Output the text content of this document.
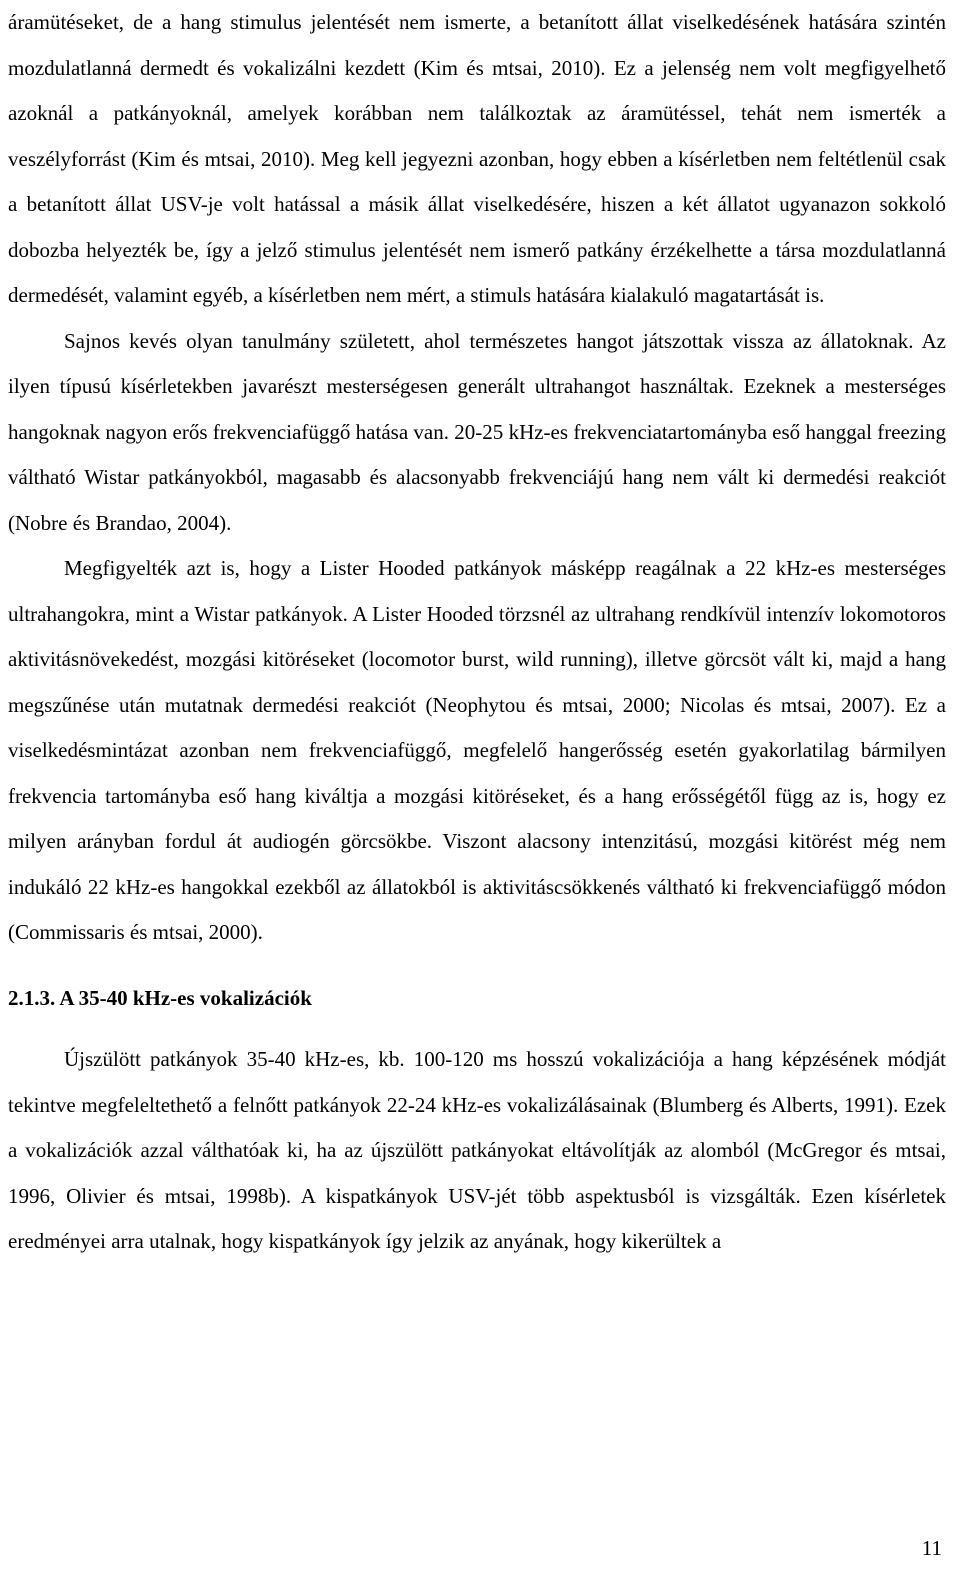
áramütéseket, de a hang stimulus jelentését nem ismerte, a betanított állat viselkedésének hatására szintén mozdulatlanná dermedt és vokalizálni kezdett (Kim és mtsai, 2010). Ez a jelenség nem volt megfigyelhető azoknál a patkányoknál, amelyek korábban nem találkoztak az áramütéssel, tehát nem ismerték a veszélyforrást (Kim és mtsai, 2010). Meg kell jegyezni azonban, hogy ebben a kísérletben nem feltétlenül csak a betanított állat USV-je volt hatással a másik állat viselkedésére, hiszen a két állatot ugyanazon sokkoló dobozba helyezték be, így a jelző stimulus jelentését nem ismerő patkány érzékelhette a társa mozdulatlanná dermedését, valamint egyéb, a kísérletben nem mért, a stimuls hatására kialakuló magatartását is.

Sajnos kevés olyan tanulmány született, ahol természetes hangot játszottak vissza az állatoknak. Az ilyen típusú kísérletekben javarészt mesterségesen generált ultrahangot használtak. Ezeknek a mesterséges hangoknak nagyon erős frekvenciafüggő hatása van. 20-25 kHz-es frekvenciatartományba eső hanggal freezing váltható Wistar patkányokból, magasabb és alacsonyabb frekvenciájú hang nem vált ki dermedési reakciót (Nobre és Brandao, 2004).

Megfigyelték azt is, hogy a Lister Hooded patkányok másképp reagálnak a 22 kHz-es mesterséges ultrahangokra, mint a Wistar patkányok. A Lister Hooded törzsnél az ultrahang rendkívül intenzív lokomotoros aktivitásnövekedést, mozgási kitöréseket (locomotor burst, wild running), illetve görcsöt vált ki, majd a hang megszűnése után mutatnak dermedési reakciót (Neophytou és mtsai, 2000; Nicolas és mtsai, 2007). Ez a viselkedésmintázat azonban nem frekvenciafüggő, megfelelő hangerősség esetén gyakorlatilag bármilyen frekvencia tartományba eső hang kiváltja a mozgási kitöréseket, és a hang erősségétől függ az is, hogy ez milyen arányban fordul át audiogén görcsökbe. Viszont alacsony intenzitású, mozgási kitörést még nem indukáló 22 kHz-es hangokkal ezekből az állatokból is aktivitáscsökkenés váltható ki frekvenciafüggő módon (Commissaris és mtsai, 2000).

2.1.3. A 35-40 kHz-es vokalizációk

Újszülött patkányok 35-40 kHz-es, kb. 100-120 ms hosszú vokalizációja a hang képzésének módját tekintve megfeleltethető a felnőtt patkányok 22-24 kHz-es vokalizálásainak (Blumberg és Alberts, 1991). Ezek a vokalizációk azzal válthatóak ki, ha az újszülött patkányokat eltávolítják az alomból (McGregor és mtsai, 1996, Olivier és mtsai, 1998b). A kispatkányok USV-jét több aspektusból is vizsgálták. Ezen kísérletek eredményei arra utalnak, hogy kispatkányok így jelzik az anyának, hogy kikerültek a

11
